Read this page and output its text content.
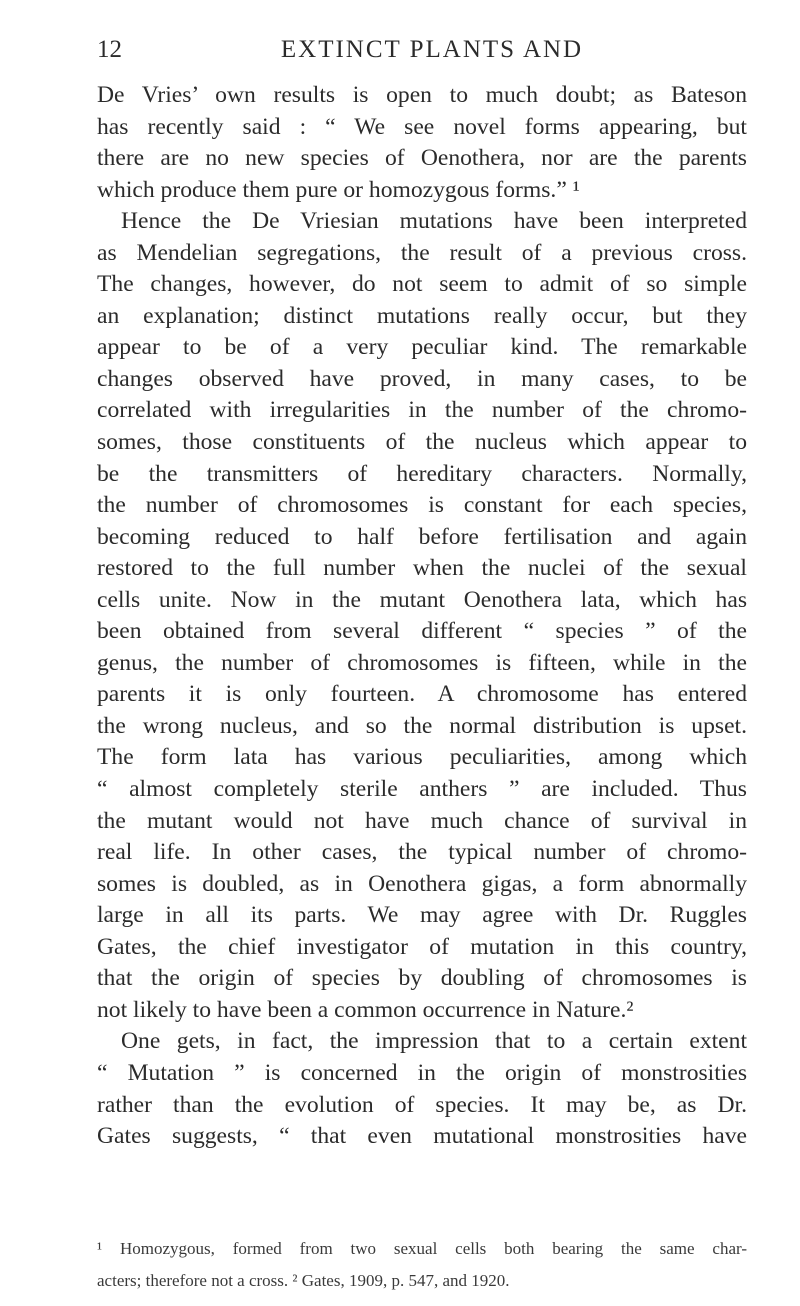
12	EXTINCT PLANTS AND
De Vries’ own results is open to much doubt; as Bateson
has recently said : “ We see novel forms appearing, but
there are no new species of Oenothera, nor are the parents
which produce them pure or homozygous forms.” ¹
Hence the De Vriesian mutations have been interpreted
as Mendelian segregations, the result of a previous cross.
The changes, however, do not seem to admit of so simple
an explanation; distinct mutations really occur, but they
appear to be of a very peculiar kind. The remarkable
changes observed have proved, in many cases, to be
correlated with irregularities in the number of the chromo-
somes, those constituents of the nucleus which appear to
be the transmitters of hereditary characters. Normally,
the number of chromosomes is constant for each species,
becoming reduced to half before fertilisation and again
restored to the full number when the nuclei of the sexual
cells unite. Now in the mutant Oenothera lata, which has
been obtained from several different “ species ” of the
genus, the number of chromosomes is fifteen, while in the
parents it is only fourteen. A chromosome has entered
the wrong nucleus, and so the normal distribution is upset.
The form lata has various peculiarities, among which
“ almost completely sterile anthers ” are included. Thus
the mutant would not have much chance of survival in
real life. In other cases, the typical number of chromo-
somes is doubled, as in Oenothera gigas, a form abnormally
large in all its parts. We may agree with Dr. Ruggles
Gates, the chief investigator of mutation in this country,
that the origin of species by doubling of chromosomes is
not likely to have been a common occurrence in Nature.²
One gets, in fact, the impression that to a certain extent
“ Mutation ” is concerned in the origin of monstrosities
rather than the evolution of species. It may be, as Dr.
Gates suggests, “ that even mutational monstrosities have
¹ Homozygous, formed from two sexual cells both bearing the same char-
acters; therefore not a cross. ² Gates, 1909, p. 547, and 1920.
